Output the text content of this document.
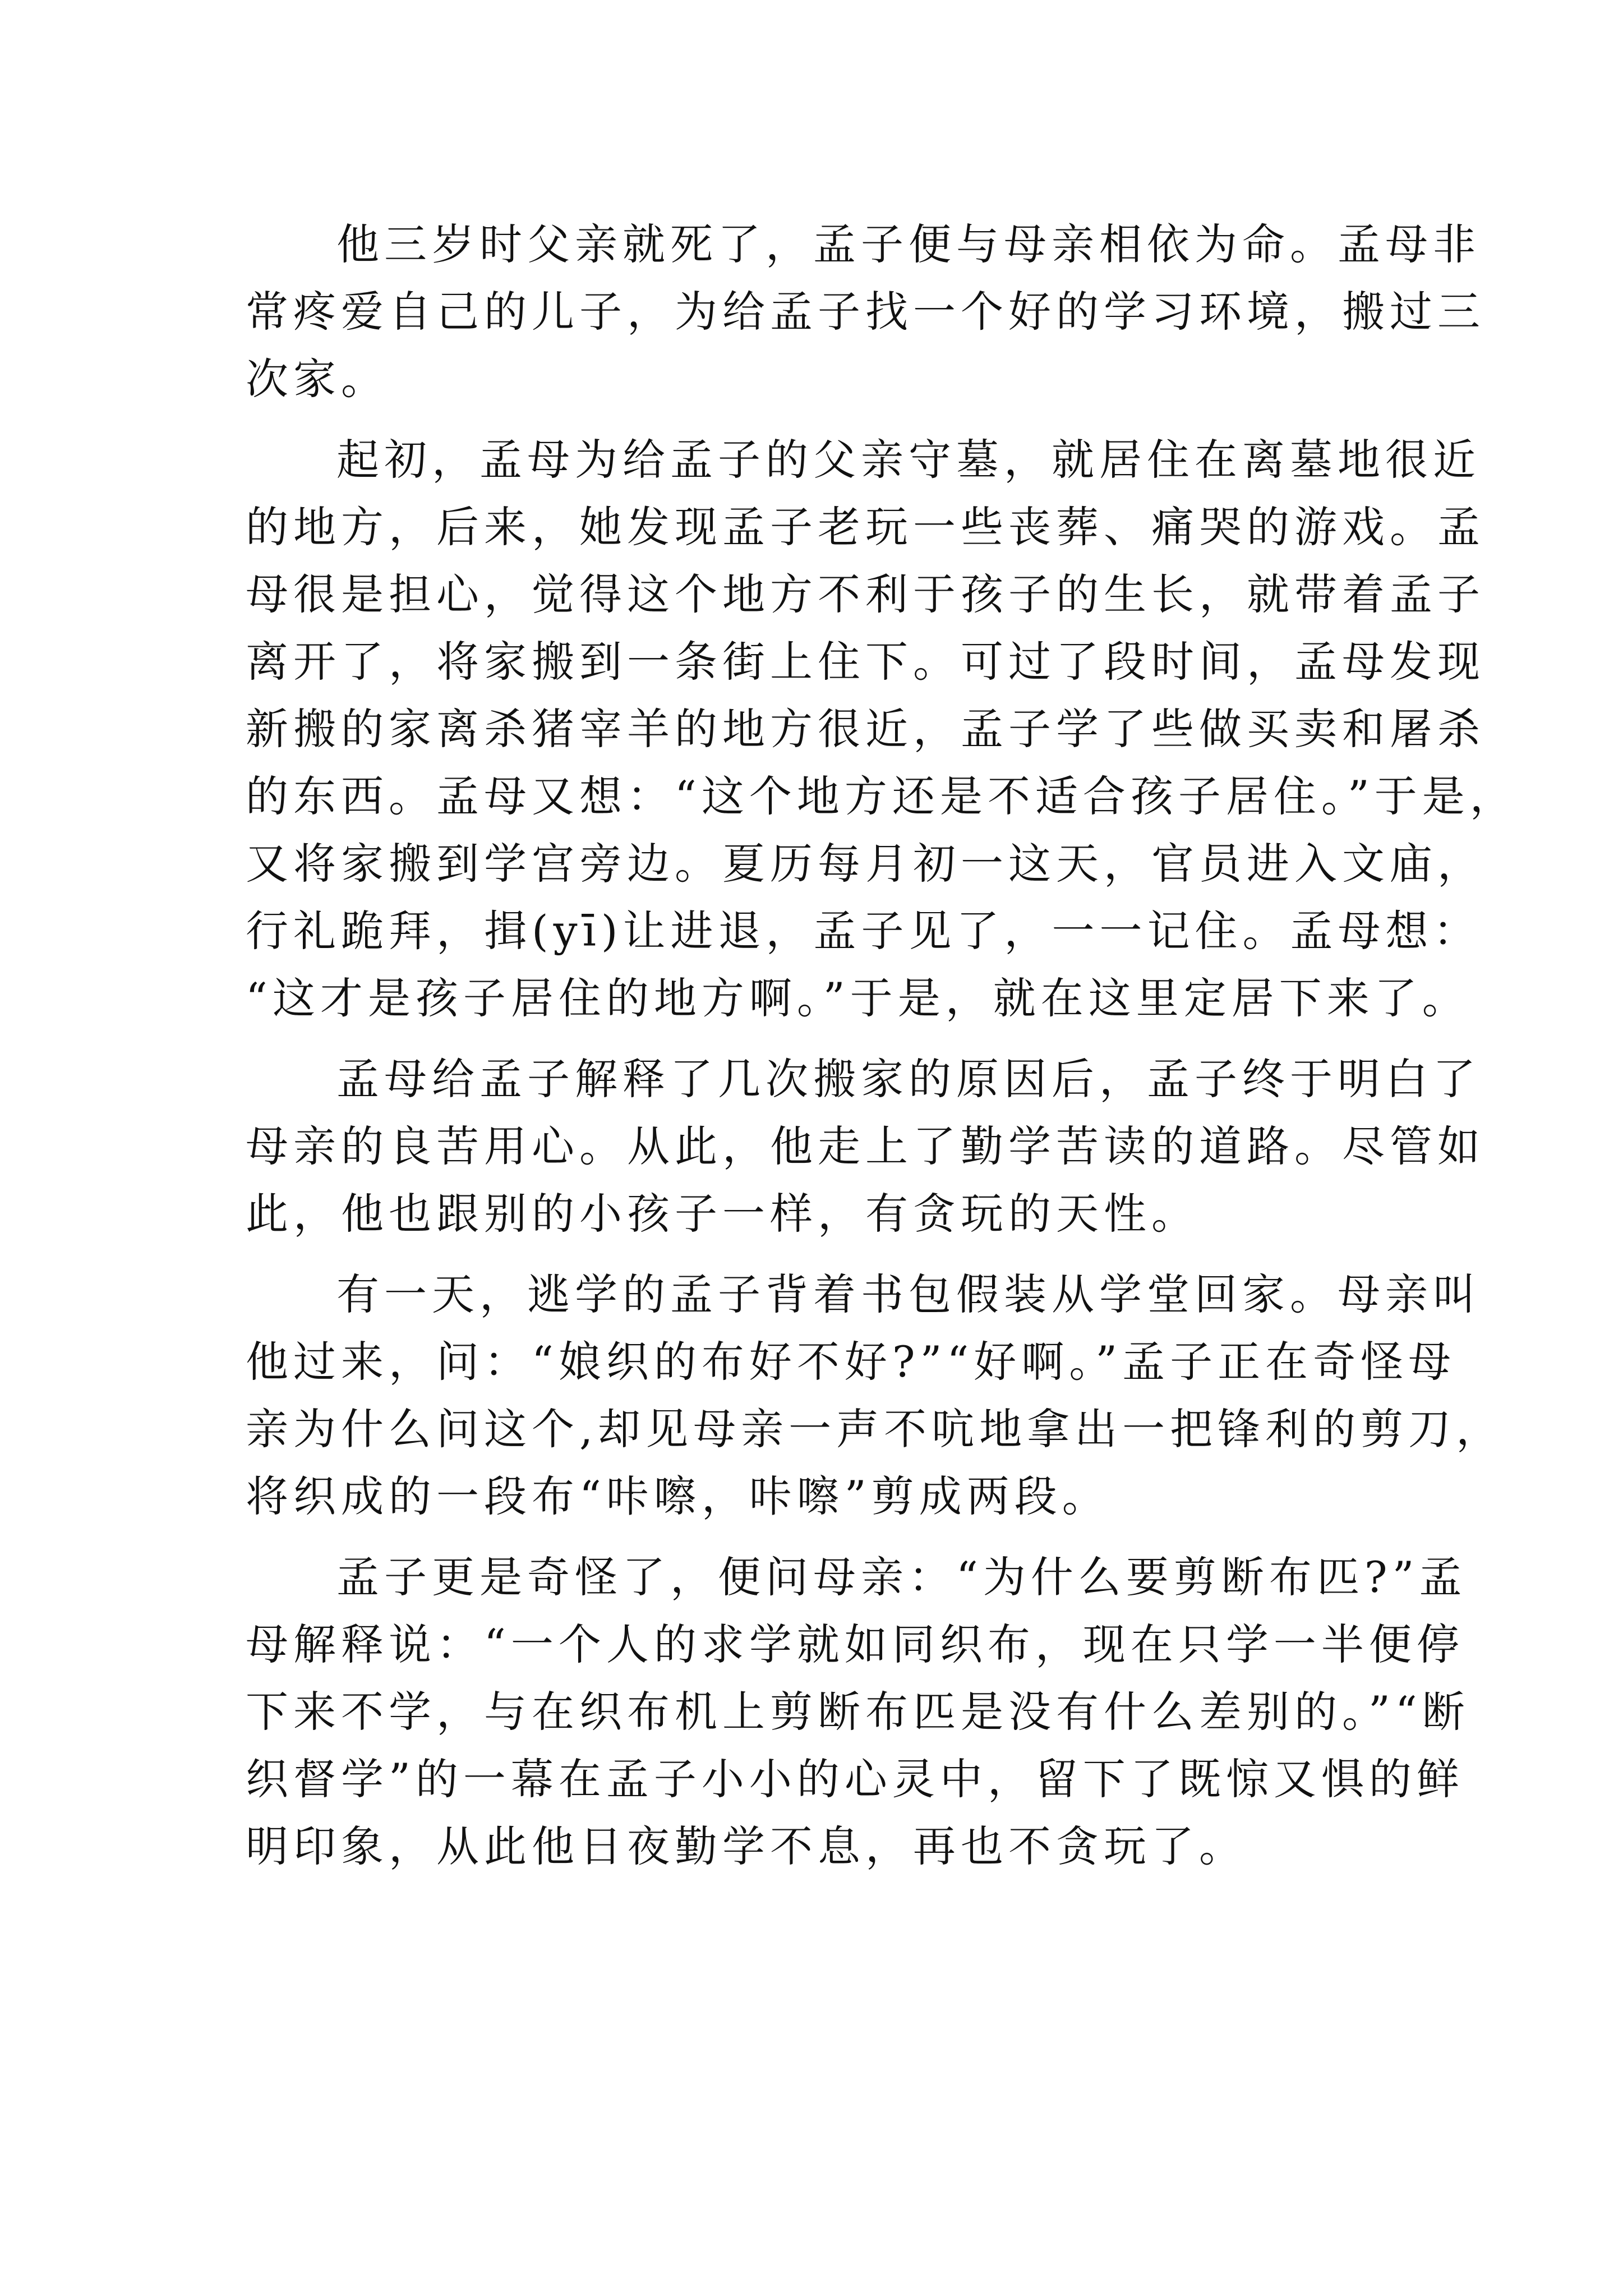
他三岁时父亲就死了，孟子便与母亲相依为命。孟母非
常疼爱自己的儿子，为给孟子找一个好的学习环境，搬过三
次家。

起初，孟母为给孟子的父亲守墓，就居住在离墓地很近
的地方，后来，她发现孟子老玩一些丧葬、痛哭的游戏。孟
母很是担心，觉得这个地方不利于孩子的生长，就带着孟子
离开了，将家搬到一条街上住下。可过了段时间，孟母发现
新搬的家离杀猪宰羊的地方很近，孟子学了些做买卖和屠杀
的东西。孟母又想：“这个地方还是不适合孩子居住。”于是，
又将家搬到学宫旁边。夏历每月初一这天，官员进入文庙，
行礼跪拜，揖(yī)让进退，孟子见了，一一记住。孟母想：
“这才是孩子居住的地方啊。”于是，就在这里定居下来了。

孟母给孟子解释了几次搬家的原因后，孟子终于明白了
母亲的良苦用心。从此，他走上了勤学苦读的道路。尽管如
此，他也跟别的小孩子一样，有贪玩的天性。

有一天，逃学的孟子背着书包假装从学堂回家。母亲叫
他过来，问：“娘织的布好不好?”“好啊。”孟子正在奇怪母
亲为什么问这个,却见母亲一声不吭地拿出一把锋利的剪刀，
将织成的一段布“咔嚓，咔嚓”剪成两段。

孟子更是奇怪了，便问母亲：“为什么要剪断布匹?”孟
母解释说：“一个人的求学就如同织布，现在只学一半便停
下来不学，与在织布机上剪断布匹是没有什么差别的。”“断
织督学”的一幕在孟子小小的心灵中，留下了既惊又惧的鲜
明印象，从此他日夜勤学不息，再也不贪玩了。
